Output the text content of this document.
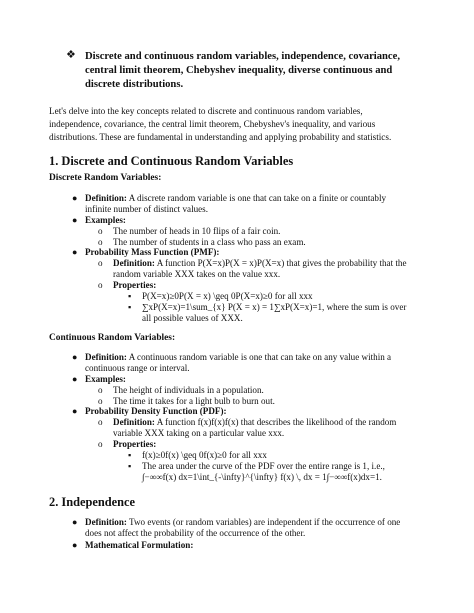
❖ Discrete and continuous random variables, independence, covariance,
central limit theorem, Chebyshev inequality, diverse continuous and
discrete distributions.
Let's delve into the key concepts related to discrete and continuous random variables,
independence, covariance, the central limit theorem, Chebyshev's inequality, and various
distributions. These are fundamental in understanding and applying probability and statistics.
1. Discrete and Continuous Random Variables
Discrete Random Variables:
● Definition: A discrete random variable is one that can take on a finite or countably
infinite number of distinct values.
● Examples:
o The number of heads in 10 flips of a fair coin.
o The number of students in a class who pass an exam.
● Probability Mass Function (PMF):
o Definition: A function P(X=x)P(X = x)P(X=x) that gives the probability that the
random variable XXX takes on the value xxx.
o Properties:
▪ P(X=x)≥0P(X = x) \geq 0P(X=x)≥0 for all xxx
▪ ∑xP(X=x)=1\sum_{x} P(X = x) = 1∑xP(X=x)=1, where the sum is over
all possible values of XXX.
Continuous Random Variables:
● Definition: A continuous random variable is one that can take on any value within a
continuous range or interval.
● Examples:
o The height of individuals in a population.
o The time it takes for a light bulb to burn out.
● Probability Density Function (PDF):
o Definition: A function f(x)f(x)f(x) that describes the likelihood of the random
variable XXX taking on a particular value xxx.
o Properties:
▪ f(x)≥0f(x) \geq 0f(x)≥0 for all xxx
▪ The area under the curve of the PDF over the entire range is 1, i.e.,
∫−∞∞f(x) dx=1\int_{-\infty}^{\infty} f(x) \, dx = 1∫−∞∞f(x)dx=1.
2. Independence
● Definition: Two events (or random variables) are independent if the occurrence of one
does not affect the probability of the occurrence of the other.
● Mathematical Formulation:
